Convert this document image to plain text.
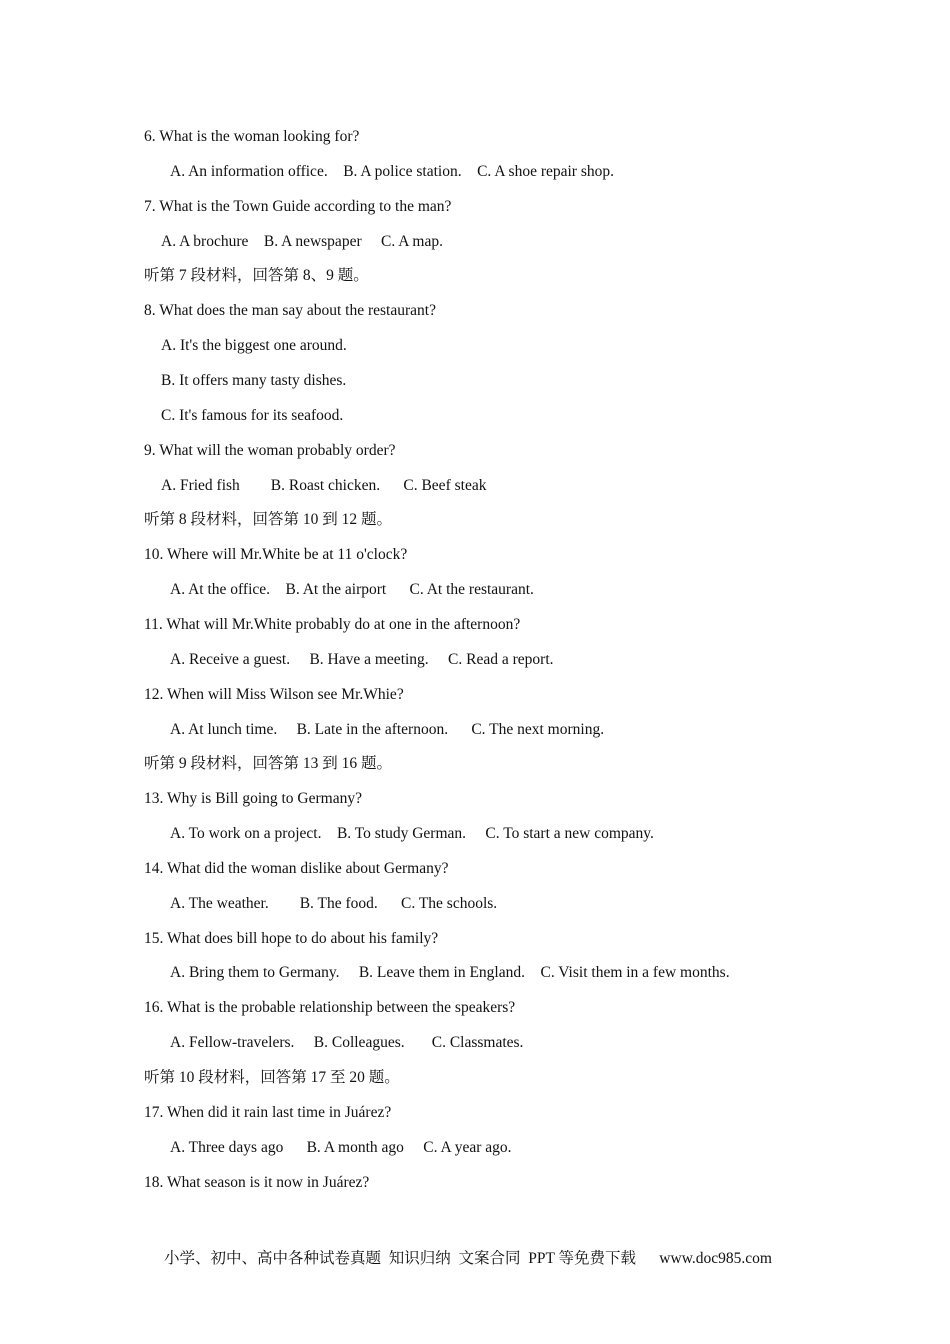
6. What is the woman looking for?
A. An information office.    B. A police station.    C. A shoe repair shop.
7. What is the Town Guide according to the man?
A. A brochure    B. A newspaper     C. A map.
听第 7 段材料，回答第 8、9 题。
8. What does the man say about the restaurant?
A. It's the biggest one around.
B. It offers many tasty dishes.
C. It's famous for its seafood.
9. What will the woman probably order?
A. Fried fish        B. Roast chicken.      C. Beef steak
听第 8 段材料，回答第 10 到 12 题。
10. Where will Mr.White be at 11 o'clock?
A. At the office.    B. At the airport      C. At the restaurant.
11. What will Mr.White probably do at one in the afternoon?
A. Receive a guest.     B. Have a meeting.     C. Read a report.
12. When will Miss Wilson see Mr.Whie?
A. At lunch time.     B. Late in the afternoon.      C. The next morning.
听第 9 段材料，回答第 13 到 16 题。
13. Why is Bill going to Germany?
A. To work on a project.    B. To study German.     C. To start a new company.
14. What did the woman dislike about Germany?
A. The weather.        B. The food.      C. The schools.
15. What does bill hope to do about his family?
A. Bring them to Germany.     B. Leave them in England.    C. Visit them in a few months.
16. What is the probable relationship between the speakers?
A. Fellow-travelers.     B. Colleagues.       C. Classmates.
听第 10 段材料，回答第 17 至 20 题。
17. When did it rain last time in Juárez?
A. Three days ago      B. A month ago     C. A year ago.
18. What season is it now in Juárez?
小学、初中、高中各种试卷真题  知识归纳  文案合同  PPT 等免费下载      www.doc985.com
